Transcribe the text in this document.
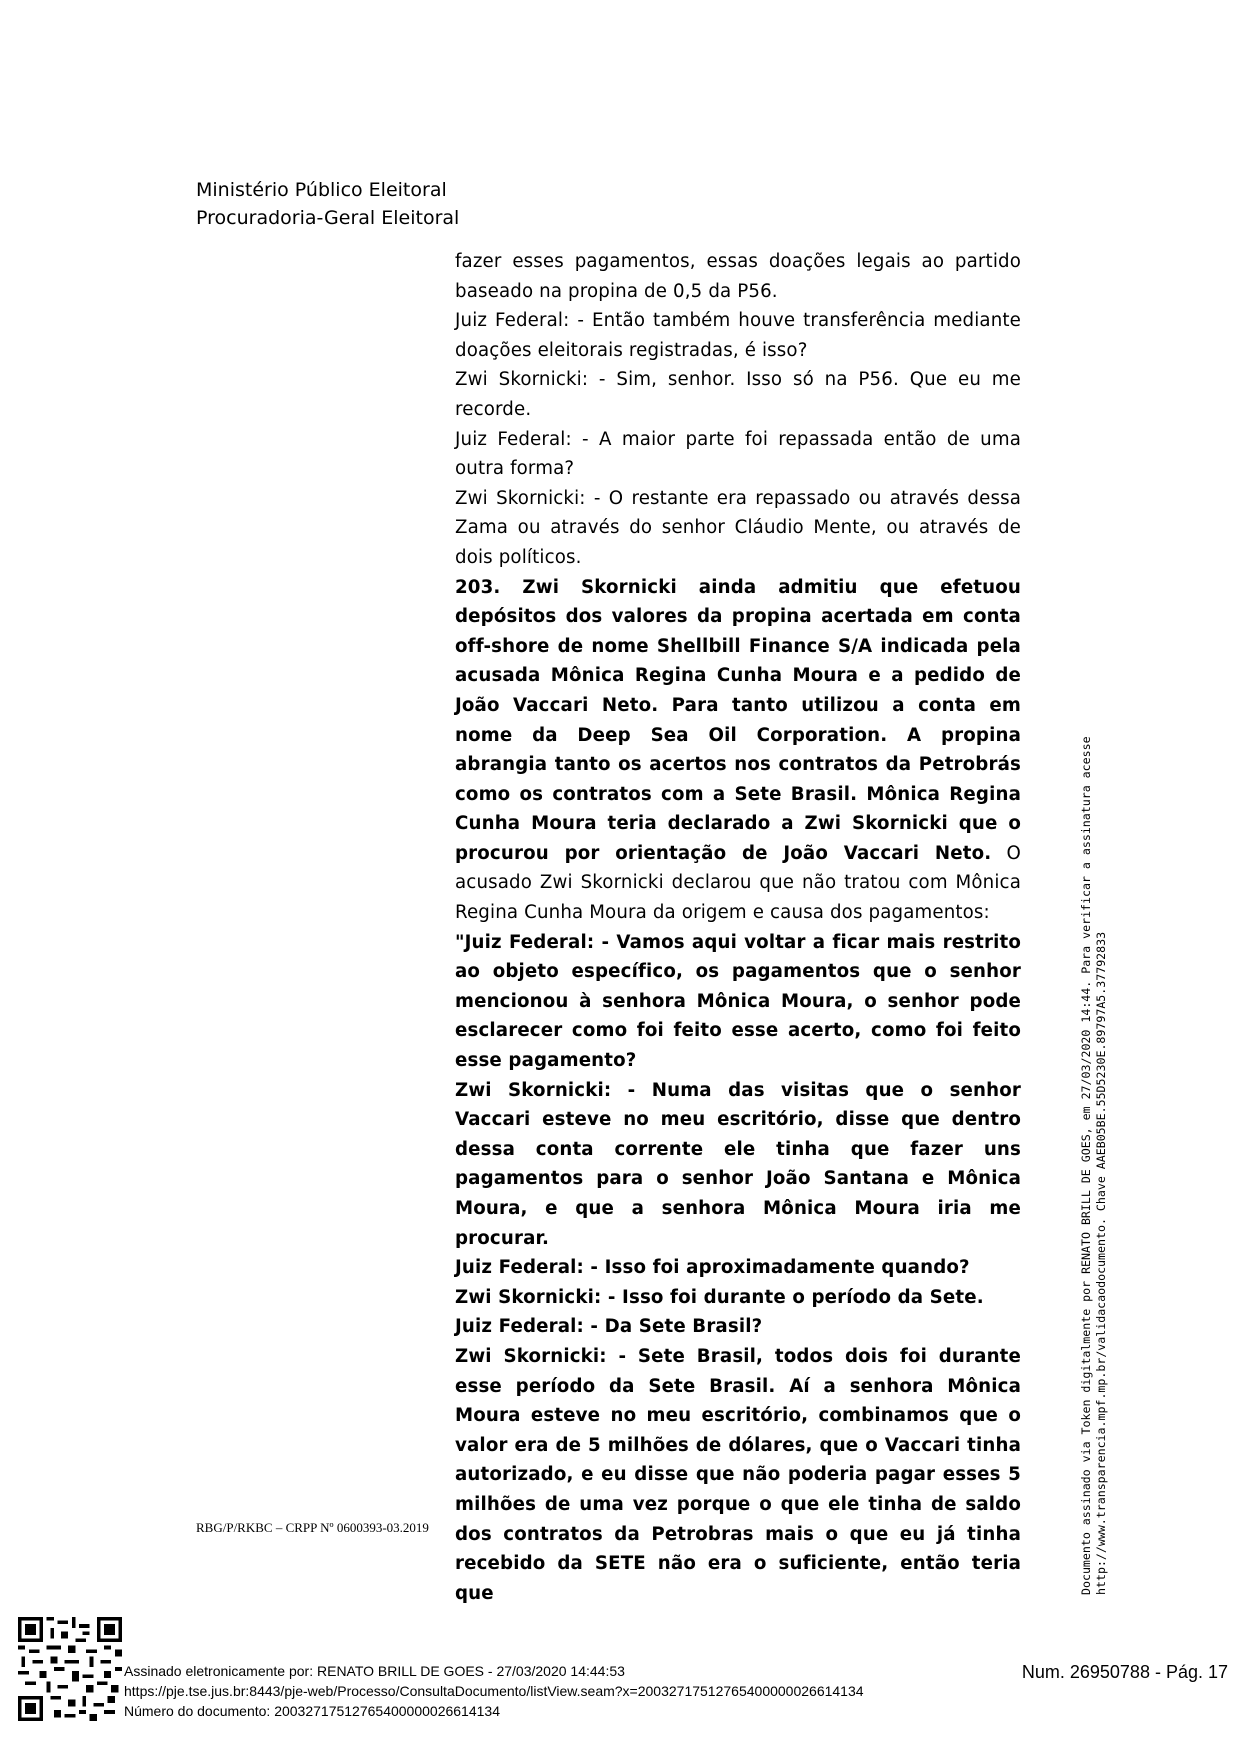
Ministério Público Eleitoral
Procuradoria-Geral Eleitoral

fazer esses pagamentos, essas doações legais ao partido baseado na propina de 0,5 da P56.

Juiz Federal: - Então também houve transferência mediante doações eleitorais registradas, é isso?

Zwi Skornicki: - Sim, senhor. Isso só na P56. Que eu me recorde.

Juiz Federal: - A maior parte foi repassada então de uma outra forma?

Zwi Skornicki: - O restante era repassado ou através dessa Zama ou através do senhor Cláudio Mente, ou através de dois políticos.

203. Zwi Skornicki ainda admitiu que efetuou depósitos dos valores da propina acertada em conta off-shore de nome Shellbill Finance S/A indicada pela acusada Mônica Regina Cunha Moura e a pedido de João Vaccari Neto. Para tanto utilizou a conta em nome da Deep Sea Oil Corporation. A propina abrangia tanto os acertos nos contratos da Petrobrás como os contratos com a Sete Brasil. Mônica Regina Cunha Moura teria declarado a Zwi Skornicki que o procurou por orientação de João Vaccari Neto. O acusado Zwi Skornicki declarou que não tratou com Mônica Regina Cunha Moura da origem e causa dos pagamentos:

"Juiz Federal: - Vamos aqui voltar a ficar mais restrito ao objeto específico, os pagamentos que o senhor mencionou à senhora Mônica Moura, o senhor pode esclarecer como foi feito esse acerto, como foi feito esse pagamento?

Zwi Skornicki: - Numa das visitas que o senhor Vaccari esteve no meu escritório, disse que dentro dessa conta corrente ele tinha que fazer uns pagamentos para o senhor João Santana e Mônica Moura, e que a senhora Mônica Moura iria me procurar.

Juiz Federal: - Isso foi aproximadamente quando?

Zwi Skornicki: - Isso foi durante o período da Sete.

Juiz Federal: - Da Sete Brasil?

Zwi Skornicki: - Sete Brasil, todos dois foi durante esse período da Sete Brasil. Aí a senhora Mônica Moura esteve no meu escritório, combinamos que o valor era de 5 milhões de dólares, que o Vaccari tinha autorizado, e eu disse que não poderia pagar esses 5 milhões de uma vez porque o que ele tinha de saldo dos contratos da Petrobras mais o que eu já tinha recebido da SETE não era o suficiente, então teria que

RBG/P/RKBC – CRPP Nº 0600393-03.2019	Documento assinado via Token digitalmente por RENATO BRILL DE GOES, em 27/03/2020 14:44. Para verificar a assinatura acesse http://www.transparencia.mpf.mp.br/validacaodocumento. Chave AAEB05BE.55D5230E.89797A5.37792833
Assinado eletronicamente por: RENATO BRILL DE GOES - 27/03/2020 14:44:53
https://pje.tse.jus.br:8443/pje-web/Processo/ConsultaDocumento/listView.seam?x=20032717512765400000026614134
Número do documento: 20032717512765400000026614134
Num. 26950788 - Pág. 17
